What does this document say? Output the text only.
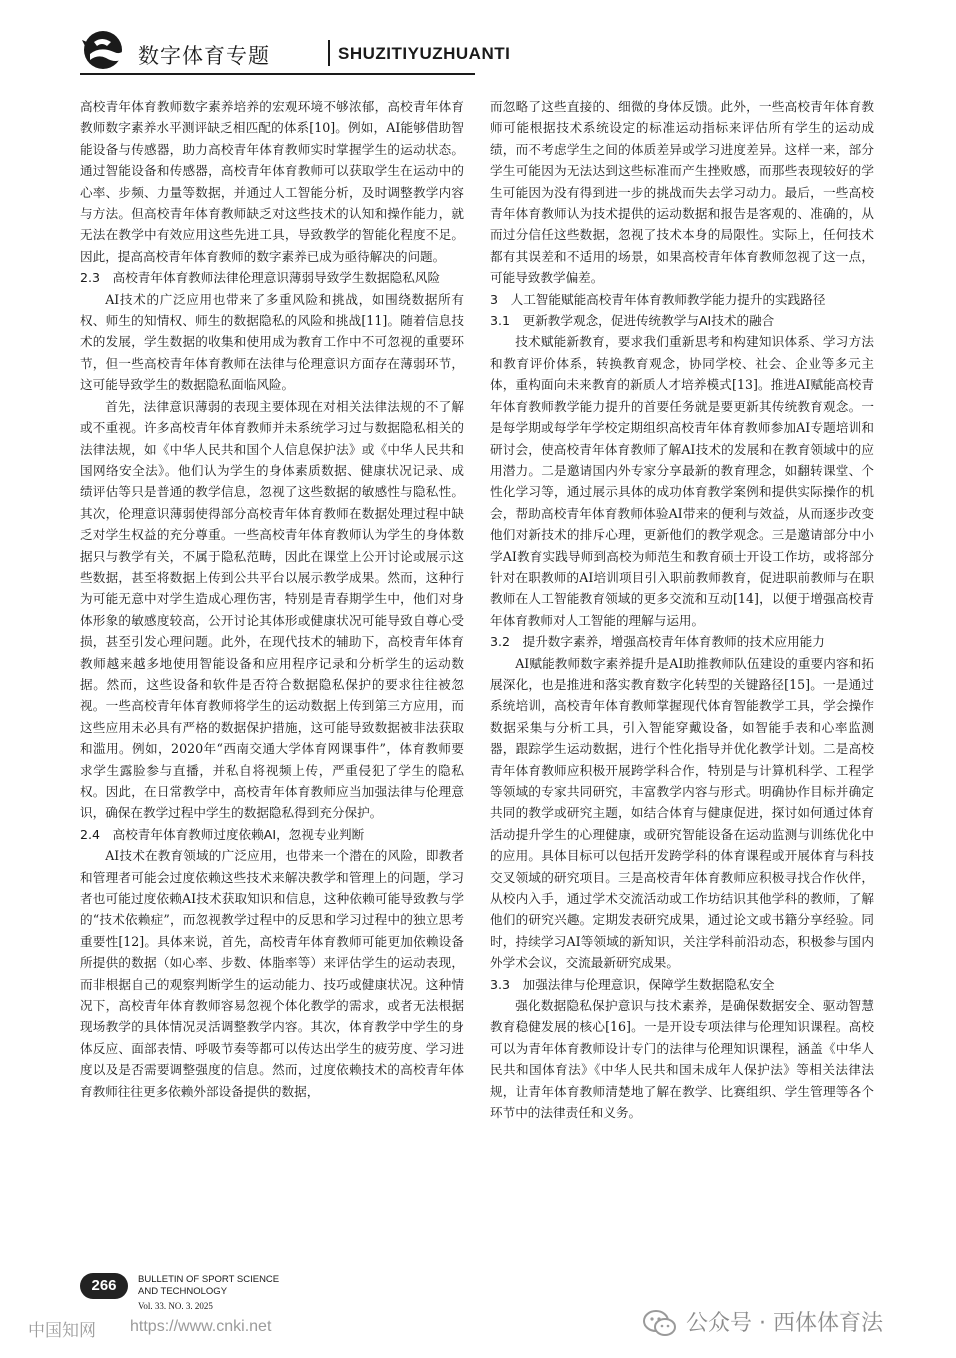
数字体育专题	SHUZITIYUZHUANTI

高校青年体育教师数字素养培养的宏观环境不够浓郁，高校青年体育教师数字素养水平测评缺乏相匹配的体系[10]。例如，AI能够借助智能设备与传感器，助力高校青年体育教师实时掌握学生的运动状态。通过智能设备和传感器，高校青年体育教师可以获取学生在运动中的心率、步频、力量等数据，并通过人工智能分析，及时调整教学内容与方法。但高校青年体育教师缺乏对这些技术的认知和操作能力，就无法在教学中有效应用这些先进工具，导致教学的智能化程度不足。因此，提高高校青年体育教师的数字素养已成为亟待解决的问题。

2.3　高校青年体育教师法律伦理意识薄弱导致学生数据隐私风险

AI技术的广泛应用也带来了多重风险和挑战，如围绕数据所有权、师生的知情权、师生的数据隐私的风险和挑战[11]。随着信息技术的发展，学生数据的收集和使用成为教育工作中不可忽视的重要环节，但一些高校青年体育教师在法律与伦理意识方面存在薄弱环节，这可能导致学生的数据隐私面临风险。

首先，法律意识薄弱的表现主要体现在对相关法律法规的不了解或不重视。许多高校青年体育教师并未系统学习过与数据隐私相关的法律法规，如《中华人民共和国个人信息保护法》或《中华人民共和国网络安全法》。他们认为学生的身体素质数据、健康状况记录、成绩评估等只是普通的教学信息，忽视了这些数据的敏感性与隐私性。其次，伦理意识薄弱使得部分高校青年体育教师在数据处理过程中缺乏对学生权益的充分尊重。一些高校青年体育教师认为学生的身体数据只与教学有关，不属于隐私范畴，因此在课堂上公开讨论或展示这些数据，甚至将数据上传到公共平台以展示教学成果。然而，这种行为可能无意中对学生造成心理伤害，特别是青春期学生中，他们对身体形象的敏感度较高，公开讨论其体形或健康状况可能导致自尊心受损，甚至引发心理问题。此外，在现代技术的辅助下，高校青年体育教师越来越多地使用智能设备和应用程序记录和分析学生的运动数据。然而，这些设备和软件是否符合数据隐私保护的要求往往被忽视。一些高校青年体育教师将学生的运动数据上传到第三方应用，而这些应用未必具有严格的数据保护措施，这可能导致数据被非法获取和滥用。例如，2020年“西南交通大学体育网课事件”，体育教师要求学生露脸参与直播，并私自将视频上传，严重侵犯了学生的隐私权。因此，在日常教学中，高校青年体育教师应当加强法律与伦理意识，确保在教学过程中学生的数据隐私得到充分保护。

2.4　高校青年体育教师过度依赖AI，忽视专业判断

AI技术在教育领域的广泛应用，也带来一个潜在的风险，即教者和管理者可能会过度依赖这些技术来解决教学和管理上的问题，学习者也可能过度依赖AI技术获取知识和信息，这种依赖可能导致教与学的“技术依赖症”，而忽视教学过程中的反思和学习过程中的独立思考重要性[12]。具体来说，首先，高校青年体育教师可能更加依赖设备所提供的数据（如心率、步数、体脂率等）来评估学生的运动表现，而非根据自己的观察判断学生的运动能力、技巧或健康状况。这种情况下，高校青年体育教师容易忽视个体化教学的需求，或者无法根据现场教学的具体情况灵活调整教学内容。其次，体育教学中学生的身体反应、面部表情、呼吸节奏等都可以传达出学生的疲劳度、学习进度以及是否需要调整强度的信息。然而，过度依赖技术的高校青年体育教师往往更多依赖外部设备提供的数据，

而忽略了这些直接的、细微的身体反馈。此外，一些高校青年体育教师可能根据技术系统设定的标准运动指标来评估所有学生的运动成绩，而不考虑学生之间的体质差异或学习进度差异。这样一来，部分学生可能因为无法达到这些标准而产生挫败感，而那些表现较好的学生可能因为没有得到进一步的挑战而失去学习动力。最后，一些高校青年体育教师认为技术提供的运动数据和报告是客观的、准确的，从而过分信任这些数据，忽视了技术本身的局限性。实际上，任何技术都有其误差和不适用的场景，如果高校青年体育教师忽视了这一点，可能导致教学偏差。

3　人工智能赋能高校青年体育教师教学能力提升的实践路径

3.1　更新教学观念，促进传统教学与AI技术的融合

技术赋能新教育，要求我们重新思考和构建知识体系、学习方法和教育评价体系，转换教育观念，协同学校、社会、企业等多元主体，重构面向未来教育的新质人才培养模式[13]。推进AI赋能高校青年体育教师教学能力提升的首要任务就是要更新其传统教育观念。一是每学期或每学年学校定期组织高校青年体育教师参加AI专题培训和研讨会，使高校青年体育教师了解AI技术的发展和在教育领域中的应用潜力。二是邀请国内外专家分享最新的教育理念，如翻转课堂、个性化学习等，通过展示具体的成功体育教学案例和提供实际操作的机会，帮助高校青年体育教师体验AI带来的便利与效益，从而逐步改变他们对新技术的排斥心理，更新他们的教学观念。三是邀请部分中小学AI教育实践导师到高校为师范生和教育硕士开设工作坊，或将部分针对在职教师的AI培训项目引入职前教师教育，促进职前教师与在职教师在人工智能教育领域的更多交流和互动[14]，以便于增强高校青年体育教师对人工智能的理解与运用。

3.2　提升数字素养，增强高校青年体育教师的技术应用能力

AI赋能教师数字素养提升是AI助推教师队伍建设的重要内容和拓展深化，也是推进和落实教育数字化转型的关键路径[15]。一是通过系统培训，高校青年体育教师掌握现代体育智能教学工具，学会操作数据采集与分析工具，引入智能穿戴设备，如智能手表和心率监测器，跟踪学生运动数据，进行个性化指导并优化教学计划。二是高校青年体育教师应积极开展跨学科合作，特别是与计算机科学、工程学等领域的专家共同研究，丰富教学内容与形式。明确协作目标并确定共同的教学或研究主题，如结合体育与健康促进，探讨如何通过体育活动提升学生的心理健康，或研究智能设备在运动监测与训练优化中的应用。具体目标可以包括开发跨学科的体育课程或开展体育与科技交叉领域的研究项目。三是高校青年体育教师应积极寻找合作伙伴，从校内入手，通过学术交流活动或工作坊结识其他学科的教师，了解他们的研究兴趣。定期发表研究成果，通过论文或书籍分享经验。同时，持续学习AI等领域的新知识，关注学科前沿动态，积极参与国内外学术会议，交流最新研究成果。

3.3　加强法律与伦理意识，保障学生数据隐私安全

强化数据隐私保护意识与技术素养，是确保数据安全、驱动智慧教育稳健发展的核心[16]。一是开设专项法律与伦理知识课程。高校可以为青年体育教师设计专门的法律与伦理知识课程，涵盖《中华人民共和国体育法》《中华人民共和国未成年人保护法》等相关法律法规，让青年体育教师清楚地了解在教学、比赛组织、学生管理等各个环节中的法律责任和义务。

266	BULLETIN OF SPORT SCIENCE
AND TECHNOLOGY
Vol. 33. NO. 3. 2025
中国知网 https://www.cnki.net	公众号 · 西体体育法
